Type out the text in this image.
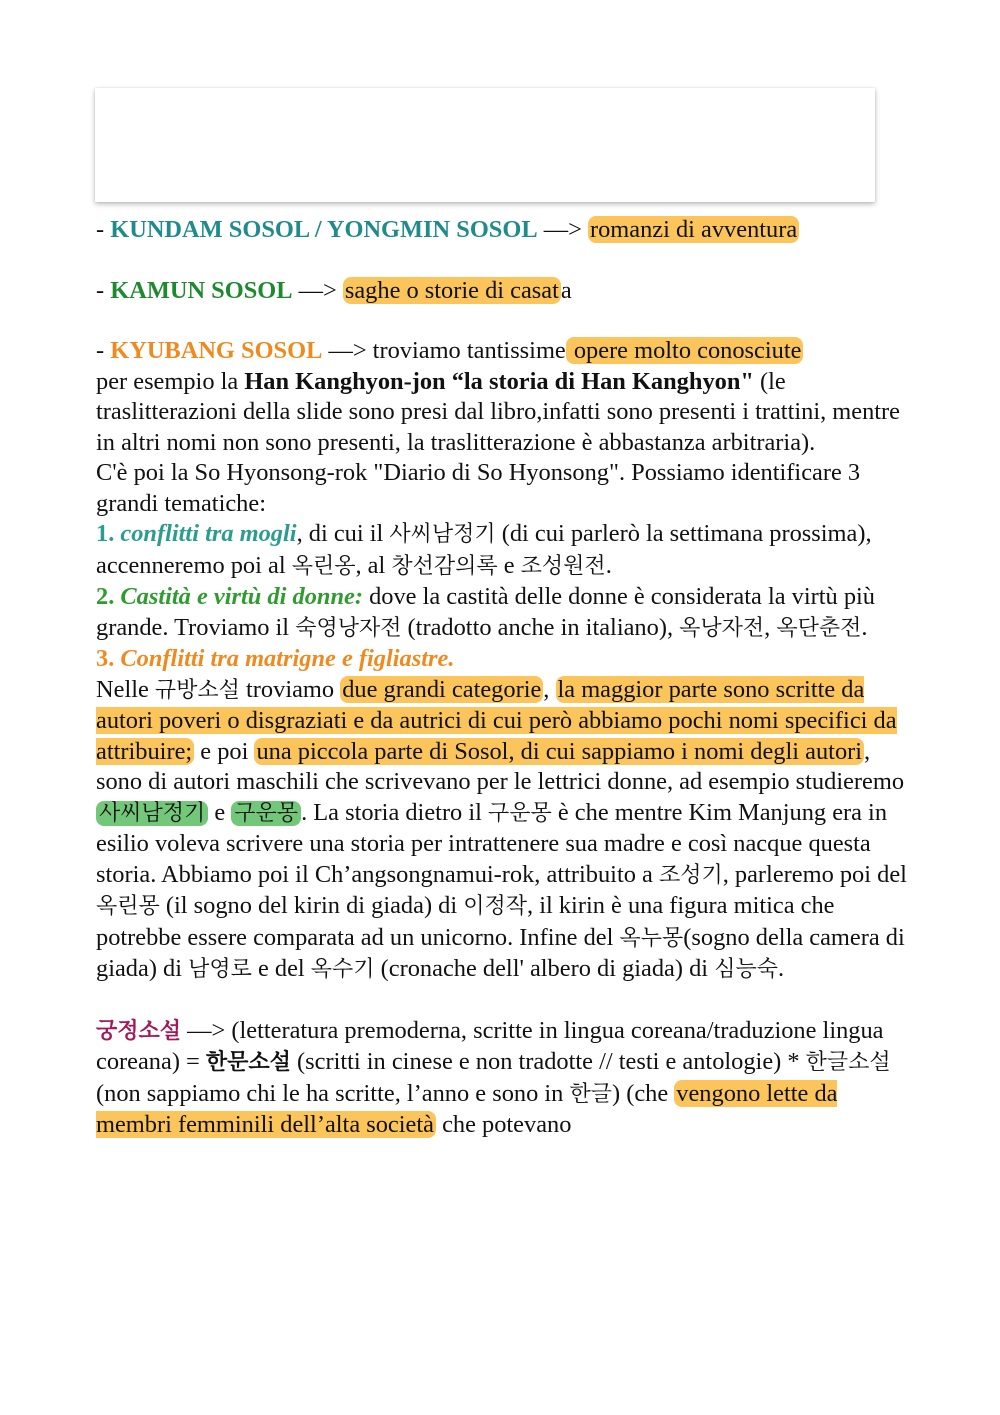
- KUNDAM SOSOL / YONGMIN SOSOL —> romanzi di avventura

- KAMUN SOSOL —> saghe o storie di casata

- KYUBANG SOSOL —> troviamo tantissime opere molto conosciute
per esempio la Han Kanghyon-jon “la storia di Han Kanghyon" (le traslitterazioni della slide sono presi dal libro,infatti sono presenti i trattini, mentre in altri nomi non sono presenti, la traslitterazione è abbastanza arbitraria).
C'è poi la So Hyonsong-rok "Diario di So Hyonsong". Possiamo identificare 3 grandi tematiche:

1. conflitti tra mogli, di cui il 사씨남정기 (di cui parlerò la settimana prossima), accenneremo poi al 옥린옹, al 창선감의록 e 조성원전.

2. Castità e virtù di donne: dove la castità delle donne è considerata la virtù più grande. Troviamo il 숙영낭자전 (tradotto anche in italiano), 옥낭자전, 옥단춘전.

3. Conflitti tra matrigne e figliastre.

Nelle 규방소설 troviamo due grandi categorie, la maggior parte sono scritte da autori poveri o disgraziati e da autrici di cui però abbiamo pochi nomi specifici da attribuire; e poi una piccola parte di Sosol, di cui sappiamo i nomi degli autori, sono di autori maschili che scrivevano per le lettrici donne, ad esempio studieremo 사씨남정기 e 구운몽 . La storia dietro il 구운몽 è che mentre Kim Manjung era in esilio voleva scrivere una storia per intrattenere sua madre e così nacque questa storia. Abbiamo poi il Ch’angsongnamui-rok, attribuito a 조성기, parleremo poi del 옥린몽 (il sogno del kirin di giada) di 이정작, il kirin è una figura mitica che potrebbe essere comparata ad un unicorno. Infine del 옥누몽(sogno della camera di giada) di 남영로 e del 옥수기 (cronache dell' albero di giada) di 심능숙.

궁정소설 —> (letteratura premoderna, scritte in lingua coreana/traduzione lingua coreana) = 한문소설 (scritti in cinese e non tradotte // testi e antologie) * 한글소설 (non sappiamo chi le ha scritte, l’anno e sono in 한글) (che vengono lette da membri femminili dell’alta società che potevano
